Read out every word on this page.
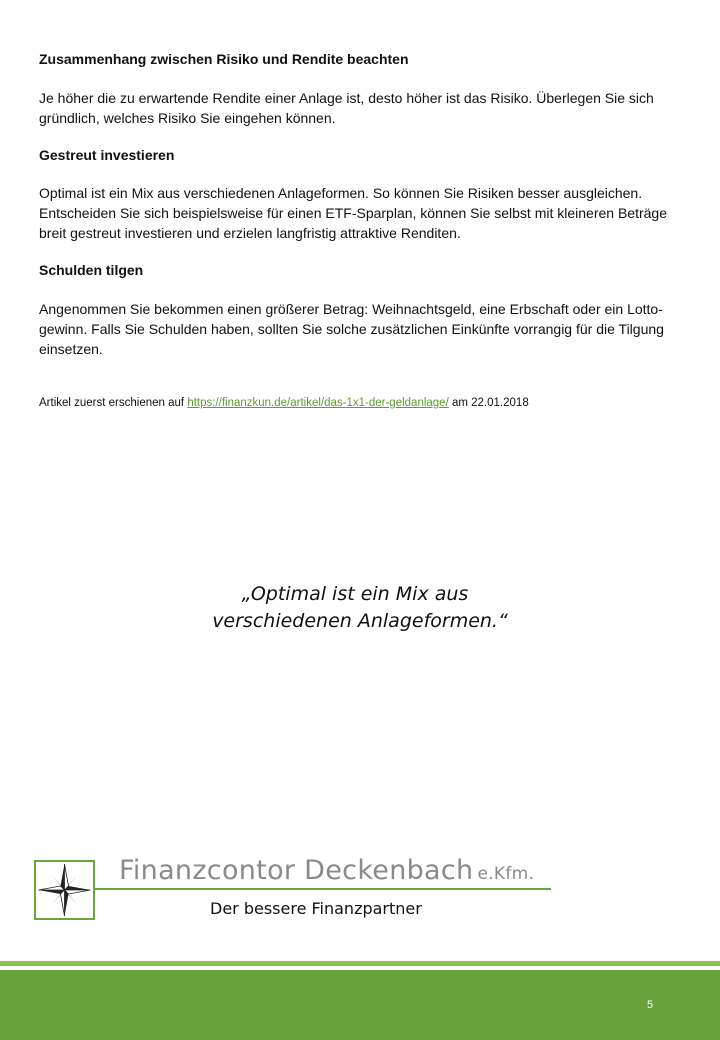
Zusammenhang zwischen Risiko und Rendite beachten

Je höher die zu erwartende Rendite einer Anlage ist, desto höher ist das Risiko. Überlegen Sie sich
gründlich, welches Risiko Sie eingehen können.

Gestreut investieren

Optimal ist ein Mix aus verschiedenen Anlageformen. So können Sie Risiken besser ausgleichen.
Entscheiden Sie sich beispielsweise für einen ETF-Sparplan, können Sie selbst mit kleineren Beträge
breit gestreut investieren und erzielen langfristig attraktive Renditen.

Schulden tilgen

Angenommen Sie bekommen einen größerer Betrag: Weihnachtsgeld, eine Erbschaft oder ein Lotto-
gewinn. Falls Sie Schulden haben, sollten Sie solche zusätzlichen Einkünfte vorrangig für die Tilgung
einsetzen.

Artikel zuerst erschienen auf https://finanzkun.de/artikel/das-1x1-der-geldanlage/ am 22.01.2018

„Optimal ist ein Mix aus
verschiedenen Anlageformen.“

Finanzcontor Deckenbach e.Kfm.

Der bessere Finanzpartner

5
